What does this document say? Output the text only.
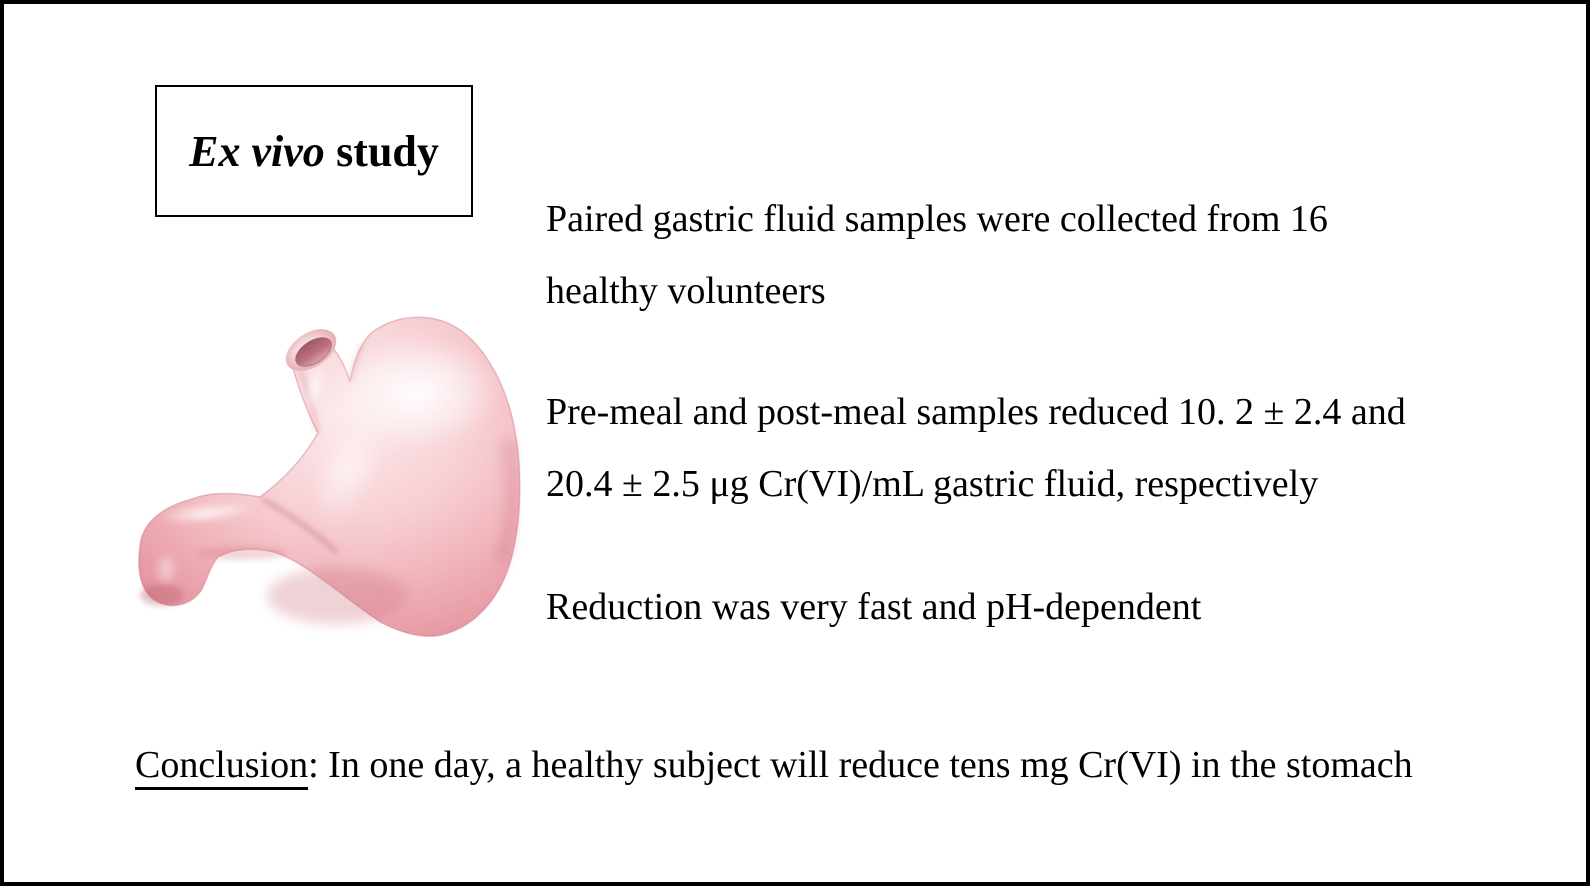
Ex vivo study
Paired gastric fluid samples were collected from 16
healthy volunteers
Pre-meal and post-meal samples reduced 10. 2 ± 2.4 and
20.4 ± 2.5 μg Cr(VI)/mL gastric fluid, respectively
Reduction was very fast and pH-dependent
Conclusion: In one day, a healthy subject will reduce tens mg Cr(VI) in the stomach
